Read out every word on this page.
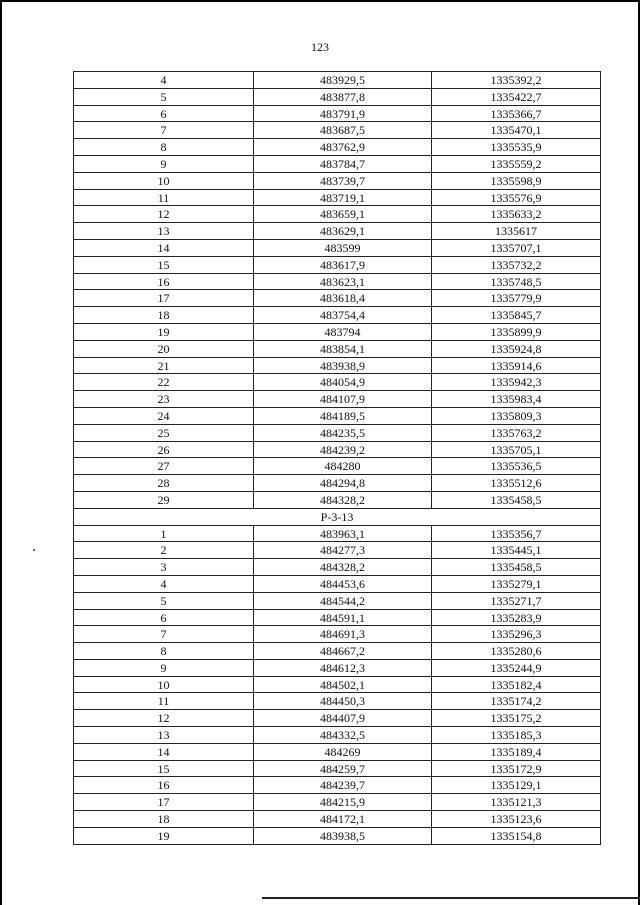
123
4	483929,5	1335392,2
5	483877,8	1335422,7
6	483791,9	1335366,7
7	483687,5	1335470,1
8	483762,9	1335535,9
9	483784,7	1335559,2
10	483739,7	1335598,9
11	483719,1	1335576,9
12	483659,1	1335633,2
13	483629,1	1335617
14	483599	1335707,1
15	483617,9	1335732,2
16	483623,1	1335748,5
17	483618,4	1335779,9
18	483754,4	1335845,7
19	483794	1335899,9
20	483854,1	1335924,8
21	483938,9	1335914,6
22	484054,9	1335942,3
23	484107,9	1335983,4
24	484189,5	1335809,3
25	484235,5	1335763,2
26	484239,2	1335705,1
27	484280	1335536,5
28	484294,8	1335512,6
29	484328,2	1335458,5
Р-3-13
1	483963,1	1335356,7
2	484277,3	1335445,1
3	484328,2	1335458,5
4	484453,6	1335279,1
5	484544,2	1335271,7
6	484591,1	1335283,9
7	484691,3	1335296,3
8	484667,2	1335280,6
9	484612,3	1335244,9
10	484502,1	1335182,4
11	484450,3	1335174,2
12	484407,9	1335175,2
13	484332,5	1335185,3
14	484269	1335189,4
15	484259,7	1335172,9
16	484239,7	1335129,1
17	484215,9	1335121,3
18	484172,1	1335123,6
19	483938,5	1335154,8
